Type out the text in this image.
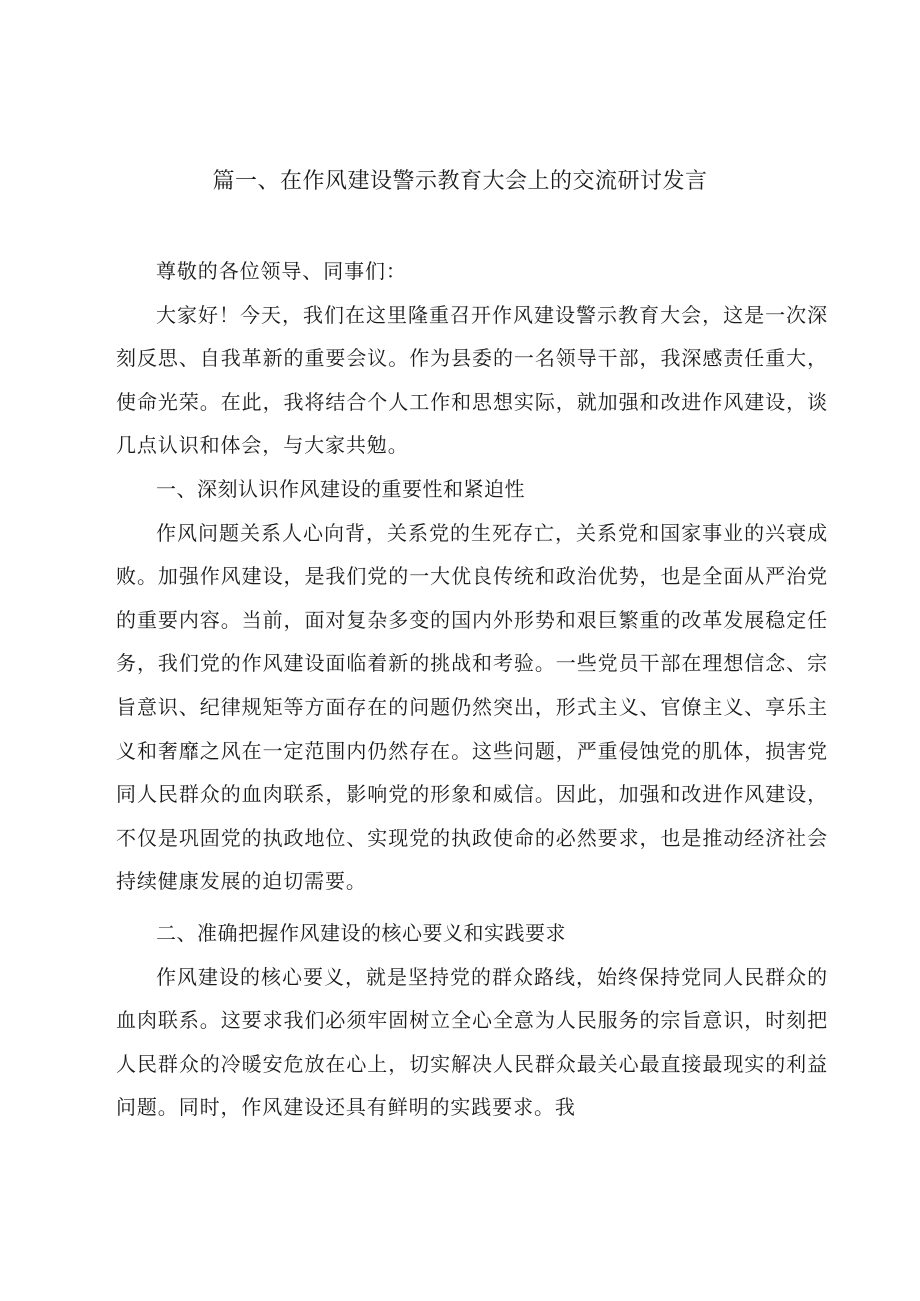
篇一、在作风建设警示教育大会上的交流研讨发言

尊敬的各位领导、同事们：

大家好！今天，我们在这里隆重召开作风建设警示教育大会，这是一次深刻反思、自我革新的重要会议。作为县委的一名领导干部，我深感责任重大，使命光荣。在此，我将结合个人工作和思想实际，就加强和改进作风建设，谈几点认识和体会，与大家共勉。

一、深刻认识作风建设的重要性和紧迫性

作风问题关系人心向背，关系党的生死存亡，关系党和国家事业的兴衰成败。加强作风建设，是我们党的一大优良传统和政治优势，也是全面从严治党的重要内容。当前，面对复杂多变的国内外形势和艰巨繁重的改革发展稳定任务，我们党的作风建设面临着新的挑战和考验。一些党员干部在理想信念、宗旨意识、纪律规矩等方面存在的问题仍然突出，形式主义、官僚主义、享乐主义和奢靡之风在一定范围内仍然存在。这些问题，严重侵蚀党的肌体，损害党同人民群众的血肉联系，影响党的形象和威信。因此，加强和改进作风建设，不仅是巩固党的执政地位、实现党的执政使命的必然要求，也是推动经济社会持续健康发展的迫切需要。

二、准确把握作风建设的核心要义和实践要求

作风建设的核心要义，就是坚持党的群众路线，始终保持党同人民群众的血肉联系。这要求我们必须牢固树立全心全意为人民服务的宗旨意识，时刻把人民群众的冷暖安危放在心上，切实解决人民群众最关心最直接最现实的利益问题。同时，作风建设还具有鲜明的实践要求。我
